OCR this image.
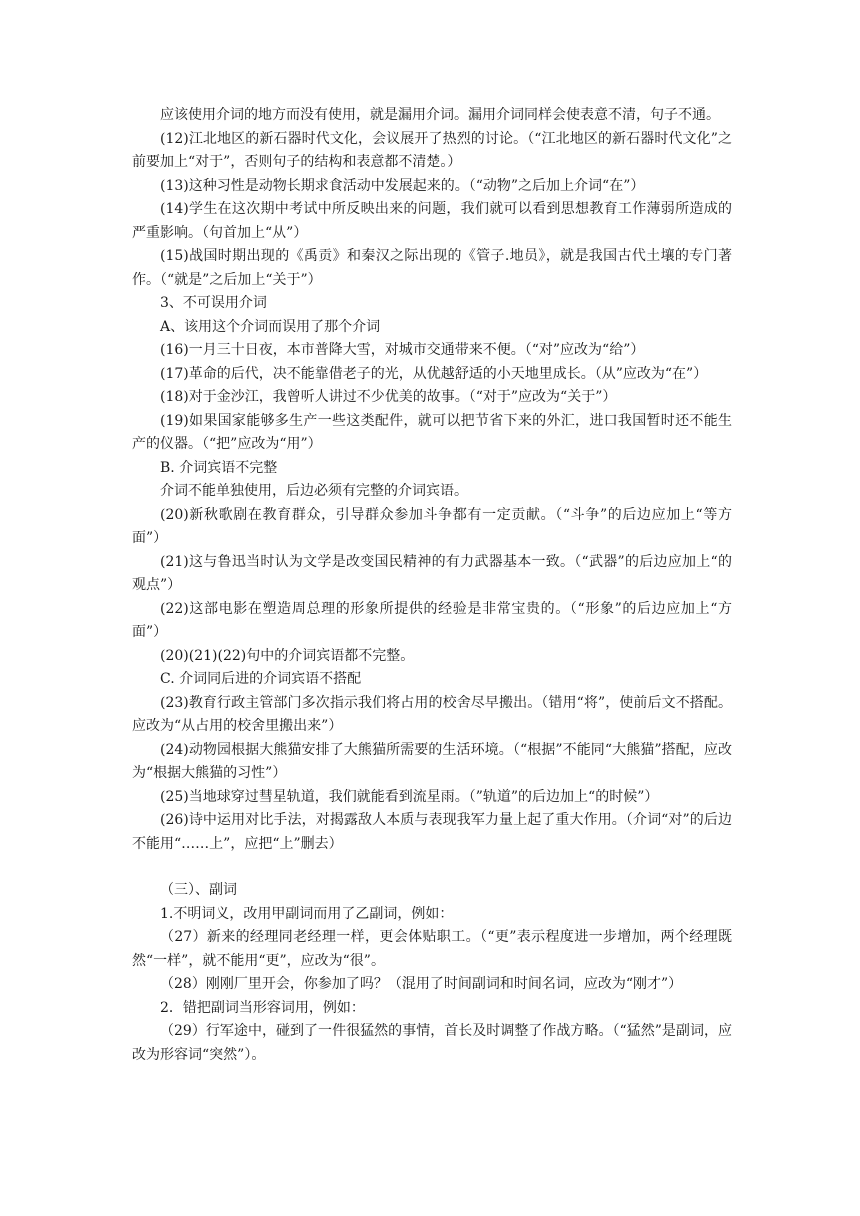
应该使用介词的地方而没有使用，就是漏用介词。漏用介词同样会使表意不清，句子不通。

(12)江北地区的新石器时代文化，会议展开了热烈的讨论。（“江北地区的新石器时代文化”之前要加上“对于”，否则句子的结构和表意都不清楚。）

(13)这种习性是动物长期求食活动中发展起来的。（“动物”之后加上介词“在”）

(14)学生在这次期中考试中所反映出来的问题，我们就可以看到思想教育工作薄弱所造成的严重影响。（句首加上“从”）

(15)战国时期出现的《禹贡》和秦汉之际出现的《管子.地员》，就是我国古代土壤的专门著作。（“就是”之后加上“关于”）

3、不可误用介词

A、该用这个介词而误用了那个介词

(16)一月三十日夜，本市普降大雪，对城市交通带来不便。（“对”应改为“给”）

(17)革命的后代，决不能靠借老子的光，从优越舒适的小天地里成长。（从”应改为“在”）

(18)对于金沙江，我曾听人讲过不少优美的故事。（“对于”应改为“关于”）

(19)如果国家能够多生产一些这类配件，就可以把节省下来的外汇，进口我国暂时还不能生产的仪器。（“把”应改为“用”）

B. 介词宾语不完整

介词不能单独使用，后边必须有完整的介词宾语。

(20)新秋歌剧在教育群众，引导群众参加斗争都有一定贡献。（“斗争”的后边应加上“等方面”）

(21)这与鲁迅当时认为文学是改变国民精神的有力武器基本一致。（“武器”的后边应加上“的观点”）

(22)这部电影在塑造周总理的形象所提供的经验是非常宝贵的。（“形象”的后边应加上“方面”）

(20)(21)(22)句中的介词宾语都不完整。

C. 介词同后进的介词宾语不搭配

(23)教育行政主管部门多次指示我们将占用的校舍尽早搬出。（错用“将”，使前后文不搭配。应改为“从占用的校舍里搬出来”）

(24)动物园根据大熊猫安排了大熊猫所需要的生活环境。（“根据”不能同“大熊猫”搭配，应改为“根据大熊猫的习性”）

(25)当地球穿过彗星轨道，我们就能看到流星雨。（”轨道”的后边加上“的时候”）

(26)诗中运用对比手法，对揭露敌人本质与表现我军力量上起了重大作用。（介词“对”的后边不能用“……上”，应把“上”删去）

（三）、副词

1.不明词义，改用甲副词而用了乙副词，例如：

（27）新来的经理同老经理一样，更会体贴职工。（“更”表示程度进一步增加，两个经理既然“一样”，就不能用“更”，应改为“很”。

（28）刚刚厂里开会，你参加了吗？（混用了时间副词和时间名词，应改为“刚才”）

2．错把副词当形容词用，例如：

（29）行军途中，碰到了一件很猛然的事情，首长及时调整了作战方略。（“猛然”是副词，应改为形容词“突然”）。
